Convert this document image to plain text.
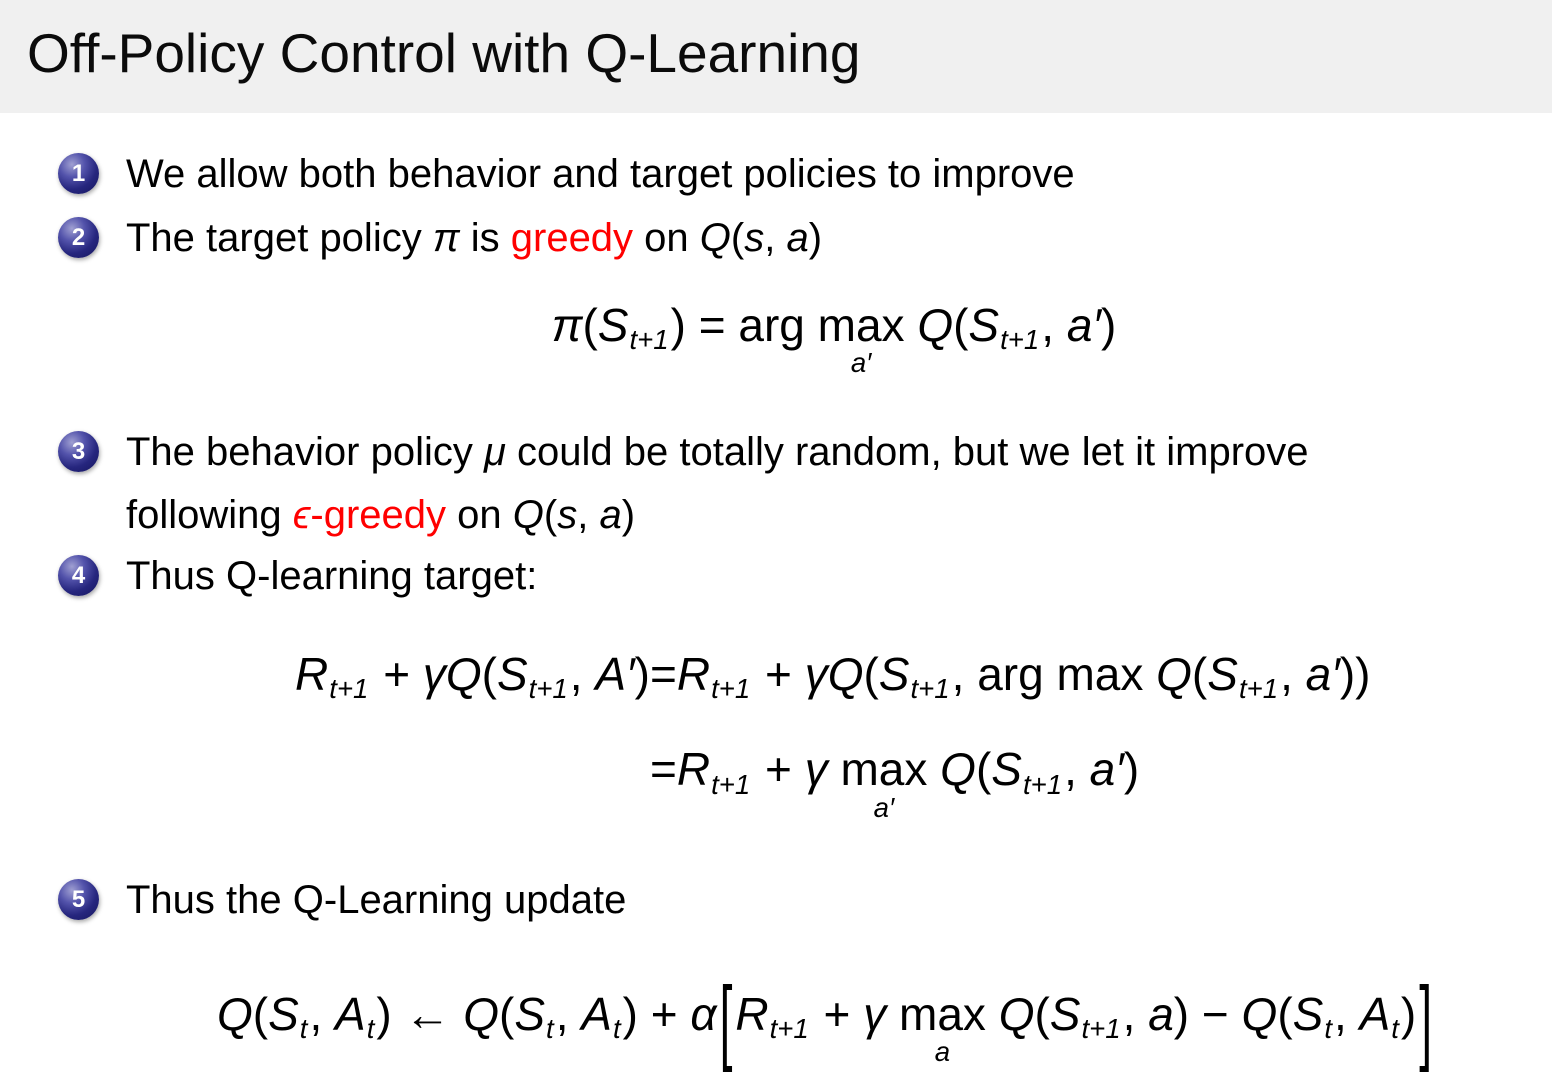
Off-Policy Control with Q-Learning
1	We allow both behavior and target policies to improve
2	The target policy π is greedy on Q(s, a)
π(St+1) = arg max
a′
Q(St+1, a′)
3	The behavior policy μ could be totally random, but we let it improve
following ϵ-greedy on Q(s, a)
4	Thus Q-learning target:
Rt+1 + γQ(St+1, A′) =Rt+1 + γQ(St+1, arg max Q(St+1, a′))
=Rt+1 + γ max
a′
Q(St+1, a′)
5	Thus the Q-Learning update
Q(St, At) ← Q(St, At) + α[Rt+1 + γ max
a
Q(St+1, a) − Q(St, At)]
